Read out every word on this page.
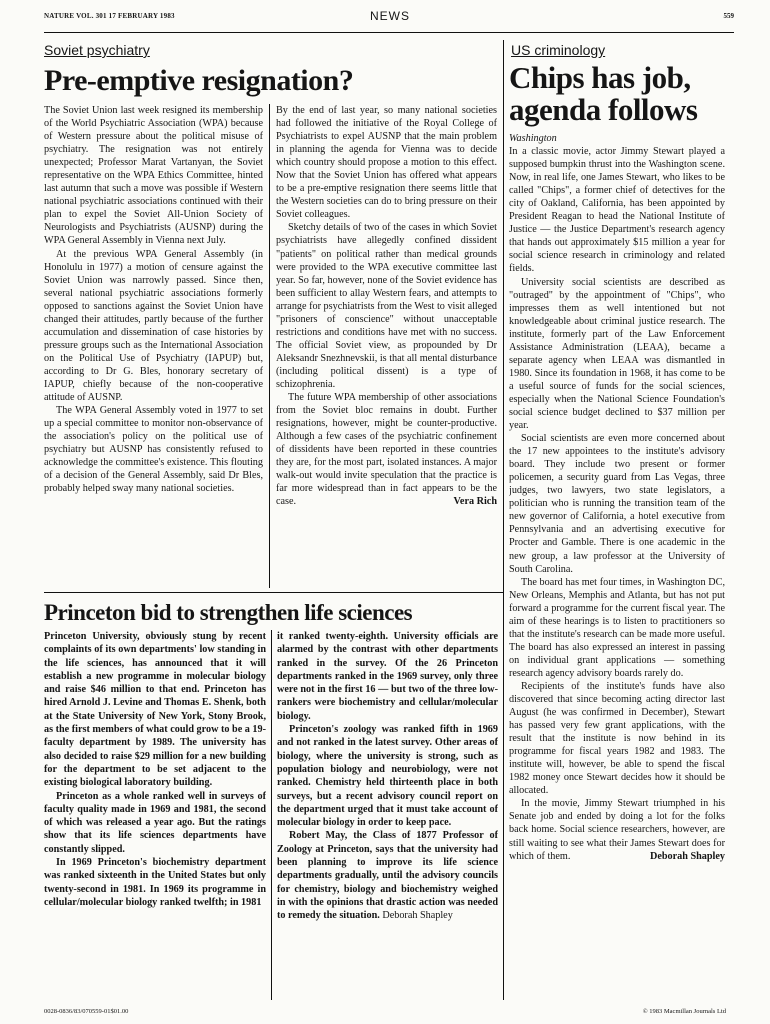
NATURE VOL. 301 17 FEBRUARY 1983	NEWS	559
Soviet psychiatry
Pre-emptive resignation?

The Soviet Union last week resigned its membership of the World Psychiatric Association (WPA) because of Western pressure about the political misuse of psychiatry. The resignation was not entirely unexpected; Professor Marat Vartanyan, the Soviet representative on the WPA Ethics Committee, hinted last autumn that such a move was possible if Western national psychiatric associations continued with their plan to expel the Soviet All-Union Society of Neurologists and Psychiatrists (AUSNP) during the WPA General Assembly in Vienna next July.

At the previous WPA General Assembly (in Honolulu in 1977) a motion of censure against the Soviet Union was narrowly passed. Since then, several national psychiatric associations formerly opposed to sanctions against the Soviet Union have changed their attitudes, partly because of the further accumulation and dissemination of case histories by pressure groups such as the International Association on the Political Use of Psychiatry (IAPUP) but, according to Dr G. Bles, honorary secretary of IAPUP, chiefly because of the non-cooperative attitude of AUSNP.

The WPA General Assembly voted in 1977 to set up a special committee to monitor non-observance of the association's policy on the political use of psychiatry but AUSNP has consistently refused to acknowledge the committee's existence. This flouting of a decision of the General Assembly, said Dr Bles, probably helped sway many national societies.

By the end of last year, so many national societies had followed the initiative of the Royal College of Psychiatrists to expel AUSNP that the main problem in planning the agenda for Vienna was to decide which country should propose a motion to this effect. Now that the Soviet Union has offered what appears to be a pre-emptive resignation there seems little that the Western societies can do to bring pressure on their Soviet colleagues.

Sketchy details of two of the cases in which Soviet psychiatrists have allegedly confined dissident "patients" on political rather than medical grounds were provided to the WPA executive committee last year. So far, however, none of the Soviet evidence has been sufficient to allay Western fears, and attempts to arrange for psychiatrists from the West to visit alleged "prisoners of conscience" without unacceptable restrictions and conditions have met with no success. The official Soviet view, as propounded by Dr Aleksandr Snezhnevskii, is that all mental disturbance (including political dissent) is a type of schizophrenia.

The future WPA membership of other associations from the Soviet bloc remains in doubt. Further resignations, however, might be counter-productive. Although a few cases of the psychiatric confinement of dissidents have been reported in these countries they are, for the most part, isolated instances. A major walk-out would invite speculation that the practice is far more widespread than in fact appears to be the case.	Vera Rich

Princeton bid to strengthen life sciences

Princeton University, obviously stung by recent complaints of its own departments' low standing in the life sciences, has announced that it will establish a new programme in molecular biology and raise $46 million to that end. Princeton has hired Arnold J. Levine and Thomas E. Shenk, both at the State University of New York, Stony Brook, as the first members of what could grow to be a 19-faculty department by 1989. The university has also decided to raise $29 million for a new building for the department to be set adjacent to the existing biological laboratory building.

Princeton as a whole ranked well in surveys of faculty quality made in 1969 and 1981, the second of which was released a year ago. But the ratings show that its life sciences departments have constantly slipped.

In 1969 Princeton's biochemistry department was ranked sixteenth in the United States but only twenty-second in 1981. In 1969 its programme in cellular/molecular biology ranked twelfth; in 1981

it ranked twenty-eighth. University officials are alarmed by the contrast with other departments ranked in the survey. Of the 26 Princeton departments ranked in the 1969 survey, only three were not in the first 16 — but two of the three low-rankers were biochemistry and cellular/molecular biology.

Princeton's zoology was ranked fifth in 1969 and not ranked in the latest survey. Other areas of biology, where the university is strong, such as population biology and neurobiology, were not ranked. Chemistry held thirteenth place in both surveys, but a recent advisory council report on the department urged that it must take account of molecular biology in order to keep pace.

Robert May, the Class of 1877 Professor of Zoology at Princeton, says that the university had been planning to improve its life science departments gradually, until the advisory councils for chemistry, biology and biochemistry weighed in with the opinions that drastic action was needed to remedy the situation. Deborah Shapley

US criminology
Chips has job,
agenda follows

Washington

In a classic movie, actor Jimmy Stewart played a supposed bumpkin thrust into the Washington scene. Now, in real life, one James Stewart, who likes to be called "Chips", a former chief of detectives for the city of Oakland, California, has been appointed by President Reagan to head the National Institute of Justice — the Justice Department's research agency that hands out approximately $15 million a year for social science research in criminology and related fields.

University social scientists are described as "outraged" by the appointment of "Chips", who impresses them as well intentioned but not knowledgeable about criminal justice research. The institute, formerly part of the Law Enforcement Assistance Administration (LEAA), became a separate agency when LEAA was dismantled in 1980. Since its foundation in 1968, it has come to be a useful source of funds for the social sciences, especially when the National Science Foundation's social science budget declined to $37 million per year.

Social scientists are even more concerned about the 17 new appointees to the institute's advisory board. They include two present or former policemen, a security guard from Las Vegas, three judges, two lawyers, two state legislators, a politician who is running the transition team of the new governor of California, a hotel executive from Pennsylvania and an advertising executive for Procter and Gamble. There is one academic in the new group, a law professor at the University of South Carolina.

The board has met four times, in Washington DC, New Orleans, Memphis and Atlanta, but has not put forward a programme for the current fiscal year. The aim of these hearings is to listen to practitioners so that the institute's research can be made more useful. The board has also expressed an interest in passing on individual grant applications — something research agency advisory boards rarely do.

Recipients of the institute's funds have also discovered that since becoming acting director last August (he was confirmed in December), Stewart has passed very few grant applications, with the result that the institute is now behind in its programme for fiscal years 1982 and 1983. The institute will, however, be able to spend the fiscal 1982 money once Stewart decides how it should be allocated.

In the movie, Jimmy Stewart triumphed in his Senate job and ended by doing a lot for the folks back home. Social science researchers, however, are still waiting to see what their James Stewart does for which of them.	Deborah Shapley

0028-0836/83/070559-01$01.00	© 1983 Macmillan Journals Ltd
